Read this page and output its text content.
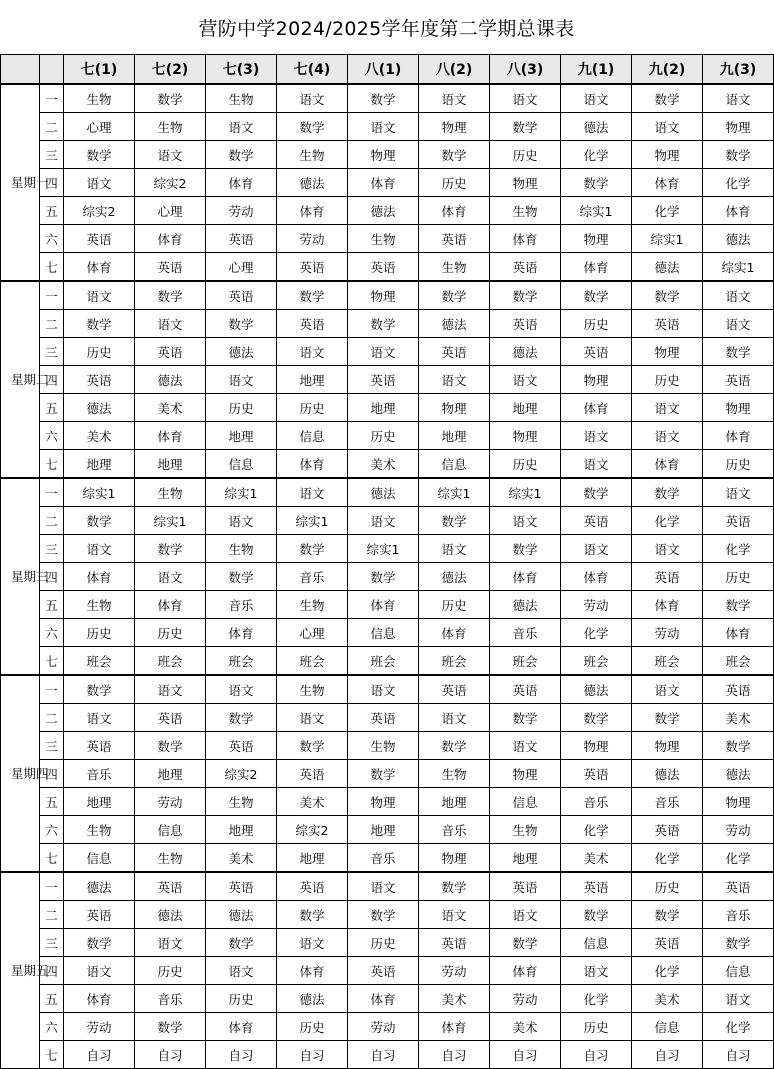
营防中学2024/2025学年度第二学期总课表
		七(1)	七(2)	七(3)	七(4)	八(1)	八(2)	八(3)	九(1)	九(2)	九(3)

星期一	一	生物	数学	生物	语文	数学	语文	语文	语文	数学	语文
	二	心理	生物	语文	数学	语文	物理	数学	德法	语文	物理
	三	数学	语文	数学	生物	物理	数学	历史	化学	物理	数学
	四	语文	综实2	体育	德法	体育	历史	物理	数学	体育	化学
	五	综实2	心理	劳动	体育	德法	体育	生物	综实1	化学	体育
	六	英语	体育	英语	劳动	生物	英语	体育	物理	综实1	德法
	七	体育	英语	心理	英语	英语	生物	英语	体育	德法	综实1

星期二	一	语文	数学	英语	数学	物理	数学	数学	数学	数学	语文
	二	数学	语文	数学	英语	数学	德法	英语	历史	英语	语文
	三	历史	英语	德法	语文	语文	英语	德法	英语	物理	数学
	四	英语	德法	语文	地理	英语	语文	语文	物理	历史	英语
	五	德法	美术	历史	历史	地理	物理	地理	体育	语文	物理
	六	美术	体育	地理	信息	历史	地理	物理	语文	语文	体育
	七	地理	地理	信息	体育	美术	信息	历史	语文	体育	历史

星期三	一	综实1	生物	综实1	语文	德法	综实1	综实1	数学	数学	语文
	二	数学	综实1	语文	综实1	语文	数学	语文	英语	化学	英语
	三	语文	数学	生物	数学	综实1	语文	数学	语文	语文	化学
	四	体育	语文	数学	音乐	数学	德法	体育	体育	英语	历史
	五	生物	体育	音乐	生物	体育	历史	德法	劳动	体育	数学
	六	历史	历史	体育	心理	信息	体育	音乐	化学	劳动	体育
	七	班会	班会	班会	班会	班会	班会	班会	班会	班会	班会

星期四	一	数学	语文	语文	生物	语文	英语	英语	德法	语文	英语
	二	语文	英语	数学	语文	英语	语文	数学	数学	数学	美术
	三	英语	数学	英语	数学	生物	数学	语文	物理	物理	数学
	四	音乐	地理	综实2	英语	数学	生物	物理	英语	德法	德法
	五	地理	劳动	生物	美术	物理	地理	信息	音乐	音乐	物理
	六	生物	信息	地理	综实2	地理	音乐	生物	化学	英语	劳动
	七	信息	生物	美术	地理	音乐	物理	地理	美术	化学	化学

星期五	一	德法	英语	英语	英语	语文	数学	英语	英语	历史	英语
	二	英语	德法	德法	数学	数学	语文	语文	数学	数学	音乐
	三	数学	语文	数学	语文	历史	英语	数学	信息	英语	数学
	四	语文	历史	语文	体育	英语	劳动	体育	语文	化学	信息
	五	体育	音乐	历史	德法	体育	美术	劳动	化学	美术	语文
	六	劳动	数学	体育	历史	劳动	体育	美术	历史	信息	化学
	七	自习	自习	自习	自习	自习	自习	自习	自习	自习	自习
